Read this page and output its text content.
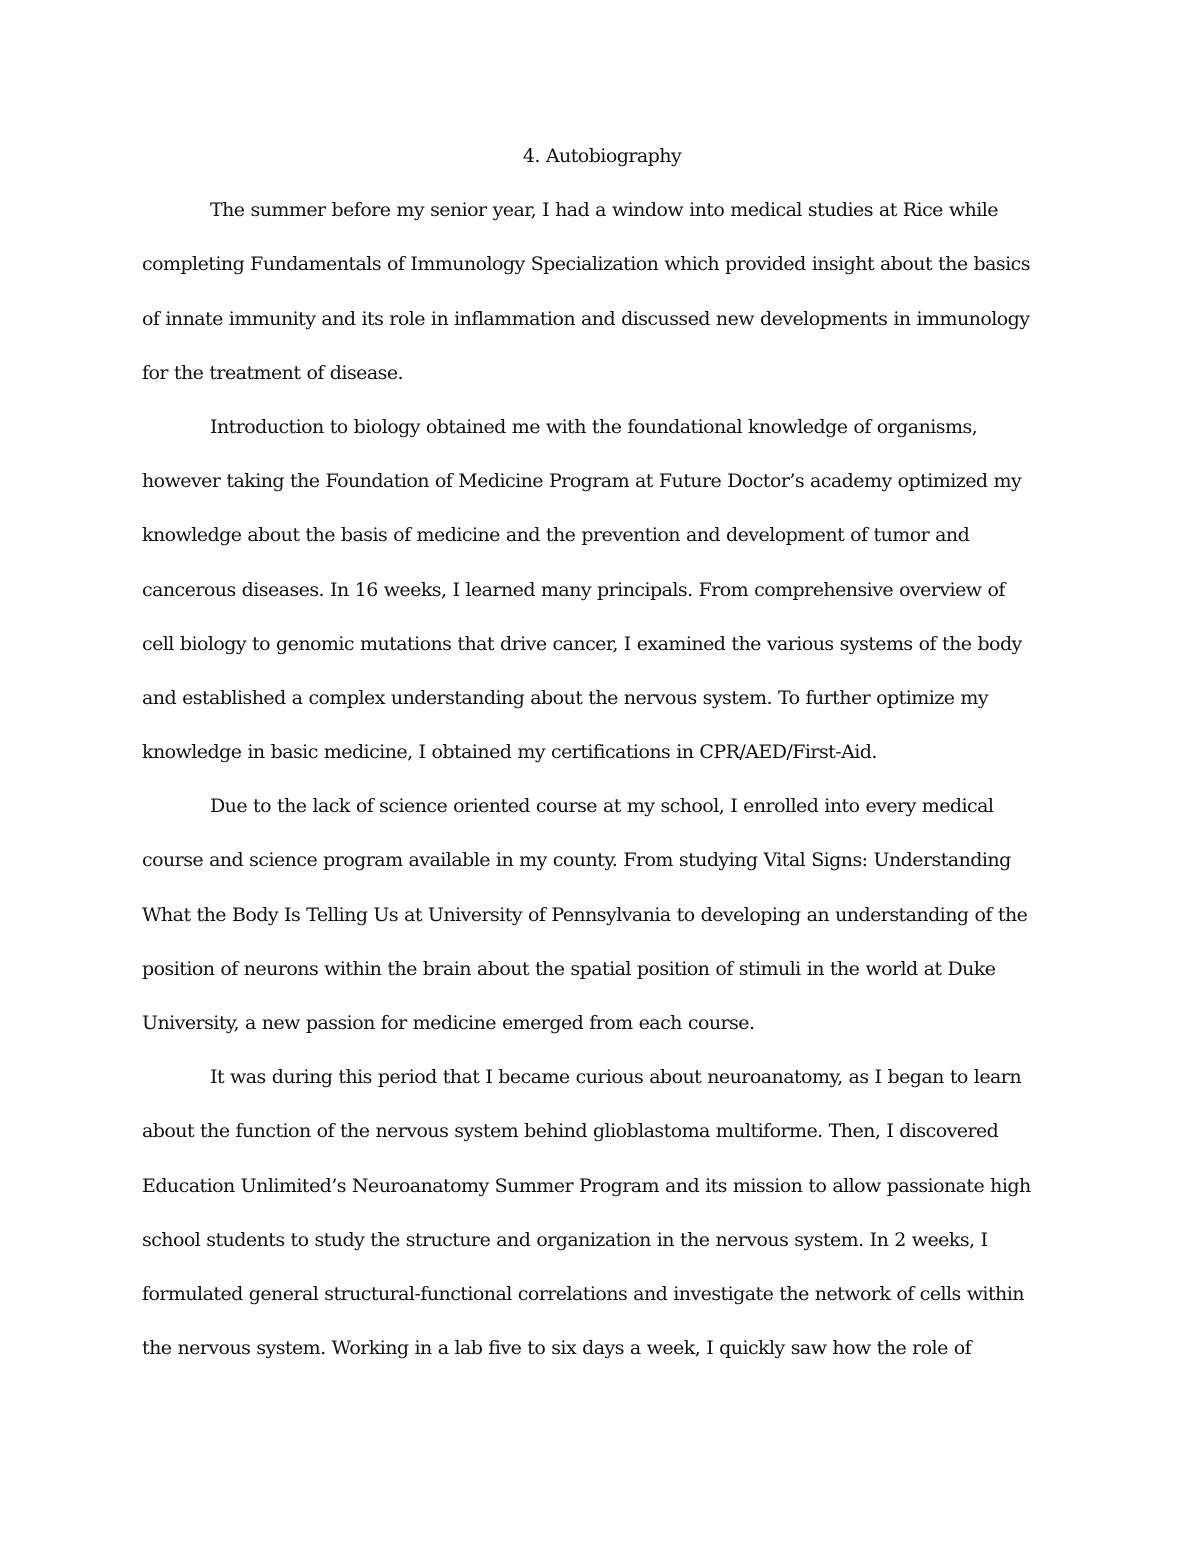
4. Autobiography
The summer before my senior year, I had a window into medical studies at Rice while
completing Fundamentals of Immunology Specialization which provided insight about the basics
of innate immunity and its role in inflammation and discussed new developments in immunology
for the treatment of disease.
Introduction to biology obtained me with the foundational knowledge of organisms,
however taking the Foundation of Medicine Program at Future Doctor’s academy optimized my
knowledge about the basis of medicine and the prevention and development of tumor and
cancerous diseases. In 16 weeks, I learned many principals. From comprehensive overview of
cell biology to genomic mutations that drive cancer, I examined the various systems of the body
and established a complex understanding about the nervous system. To further optimize my
knowledge in basic medicine, I obtained my certifications in CPR/AED/First-Aid.
Due to the lack of science oriented course at my school, I enrolled into every medical
course and science program available in my county. From studying Vital Signs: Understanding
What the Body Is Telling Us at University of Pennsylvania to developing an understanding of the
position of neurons within the brain about the spatial position of stimuli in the world at Duke
University, a new passion for medicine emerged from each course.
It was during this period that I became curious about neuroanatomy, as I began to learn
about the function of the nervous system behind glioblastoma multiforme. Then, I discovered
Education Unlimited’s Neuroanatomy Summer Program and its mission to allow passionate high
school students to study the structure and organization in the nervous system. In 2 weeks, I
formulated general structural-functional correlations and investigate the network of cells within
the nervous system. Working in a lab five to six days a week, I quickly saw how the role of
